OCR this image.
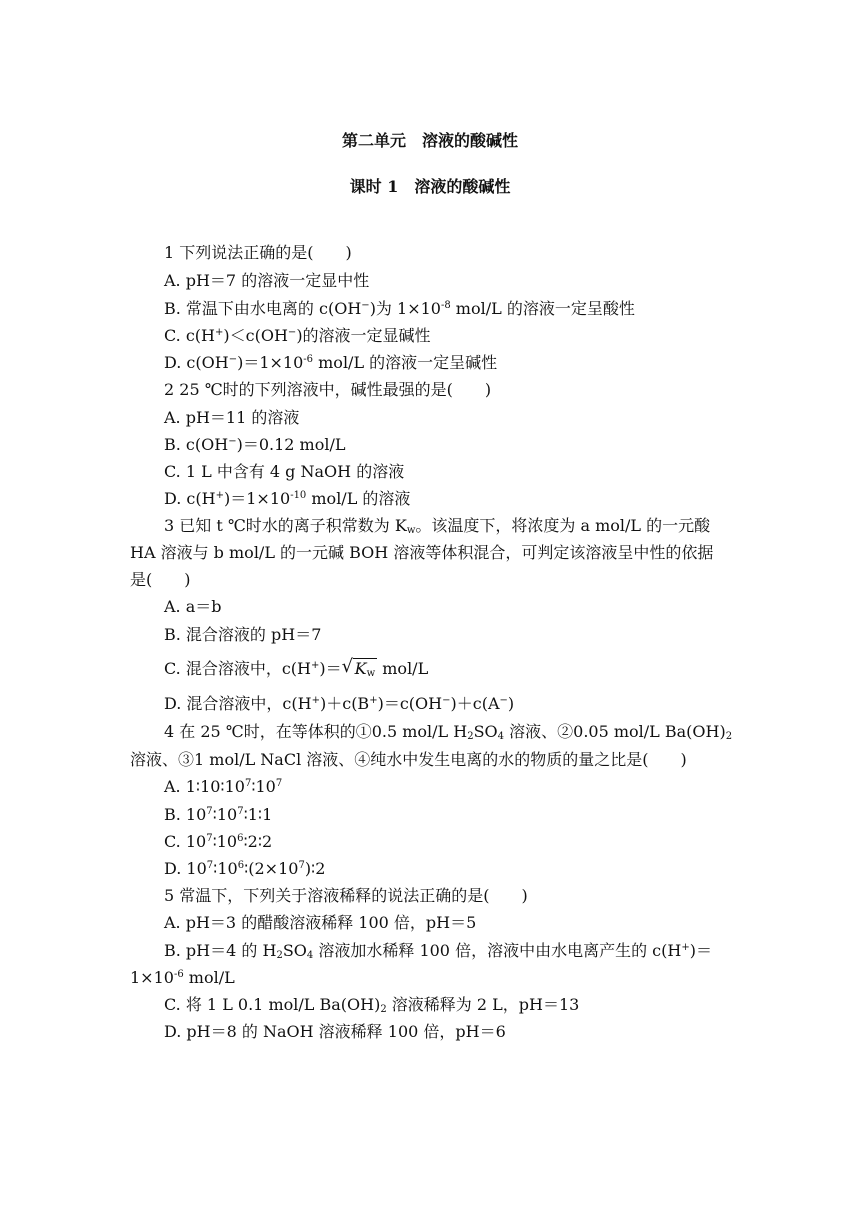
第二单元　溶液的酸碱性
课时 1　溶液的酸碱性
1 下列说法正确的是(　　)
A. pH＝7 的溶液一定显中性
B. 常温下由水电离的 c(OH−)为 $1\times 10^{-8}$ mol/L 的溶液一定呈酸性
C. c(H+)＜c(OH−)的溶液一定显碱性
D. $c(OH^-)=1\times 10^{-6}$ mol/L 的溶液一定呈碱性
2 25 ℃时的下列溶液中，碱性最强的是(　　)
A. pH＝11 的溶液
B. c(OH−)＝0.12 mol/L
C. 1 L 中含有 4 g NaOH 的溶液
D. $c(H^+)=1\times 10^{-10}$ mol/L 的溶液
3 已知 t ℃时水的离子积常数为 $K_w$。该温度下，将浓度为 a mol/L 的一元酸
HA 溶液与 b mol/L 的一元碱 BOH 溶液等体积混合，可判定该溶液呈中性的依据
是(　　)
A. a＝b
B. 混合溶液的 pH＝7
C. 混合溶液中，c(H+)＝√ $K_w$ mol/L
D. 混合溶液中，c(H+)＋c(B+)＝c(OH−)＋c(A−)
4 在 25 ℃时，在等体积的①0.5 mol/L $H_2SO_4$ 溶液、②0.05 mol/L $Ba(OH)_2$
溶液、③1 mol/L NaCl 溶液、④纯水中发生电离的水的物质的量之比是(　　)
A. $1∶10∶10^7∶10^7$
B. $10^7∶10^7∶1∶1$
C. $10^7∶10^6∶2∶2$
D. $10^7∶10^6∶(2\times 10^7)∶2$
5 常温下，下列关于溶液稀释的说法正确的是(　　)
A. pH＝3 的醋酸溶液稀释 100 倍，pH＝5
B. pH＝4 的 $H_2SO_4$ 溶液加水稀释 100 倍，溶液中由水电离产生的 c(H+)＝
$1\times 10^{-6}$ mol/L
C. 将 1 L 0.1 mol/L $Ba(OH)_2$ 溶液稀释为 2 L，pH＝13
D. pH＝8 的 NaOH 溶液稀释 100 倍，pH＝6
